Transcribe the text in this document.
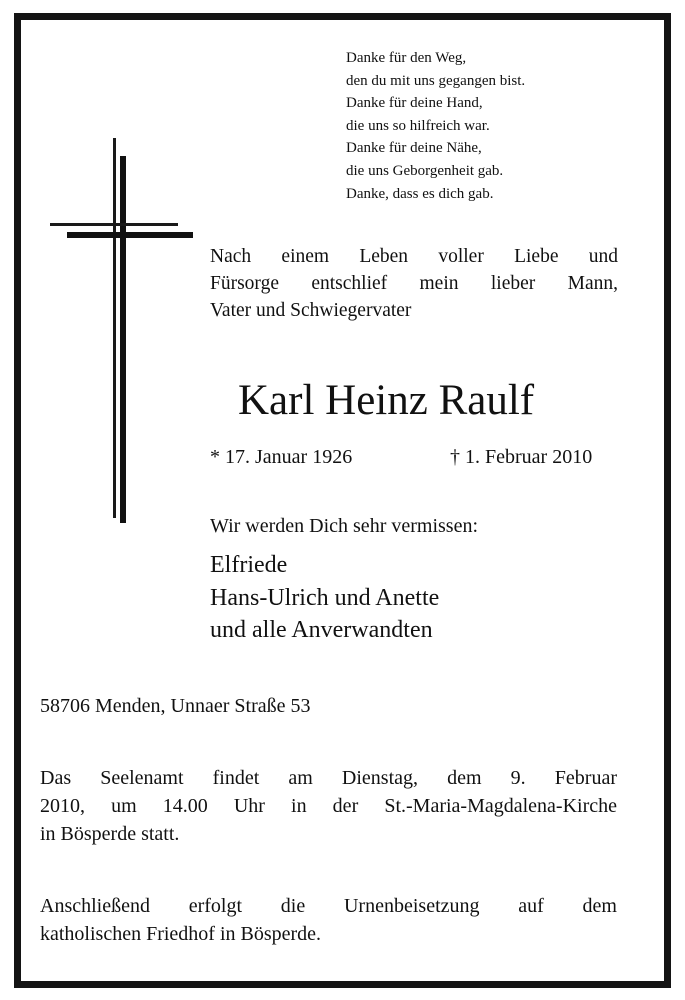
Danke für den Weg,
den du mit uns gegangen bist.
Danke für deine Hand,
die uns so hilfreich war.
Danke für deine Nähe,
die uns Geborgenheit gab.
Danke, dass es dich gab.
Nach einem Leben voller Liebe und
Fürsorge entschlief mein lieber Mann,
Vater und Schwiegervater
Karl Heinz Raulf
* 17. Januar 1926	† 1. Februar 2010
Wir werden Dich sehr vermissen:
Elfriede
Hans-Ulrich und Anette
und alle Anverwandten
58706 Menden, Unnaer Straße 53
Das Seelenamt findet am Dienstag, dem 9. Februar
2010, um 14.00 Uhr in der St.-Maria-Magdalena-Kirche
in Bösperde statt.
Anschließend erfolgt die Urnenbeisetzung auf dem
katholischen Friedhof in Bösperde.
